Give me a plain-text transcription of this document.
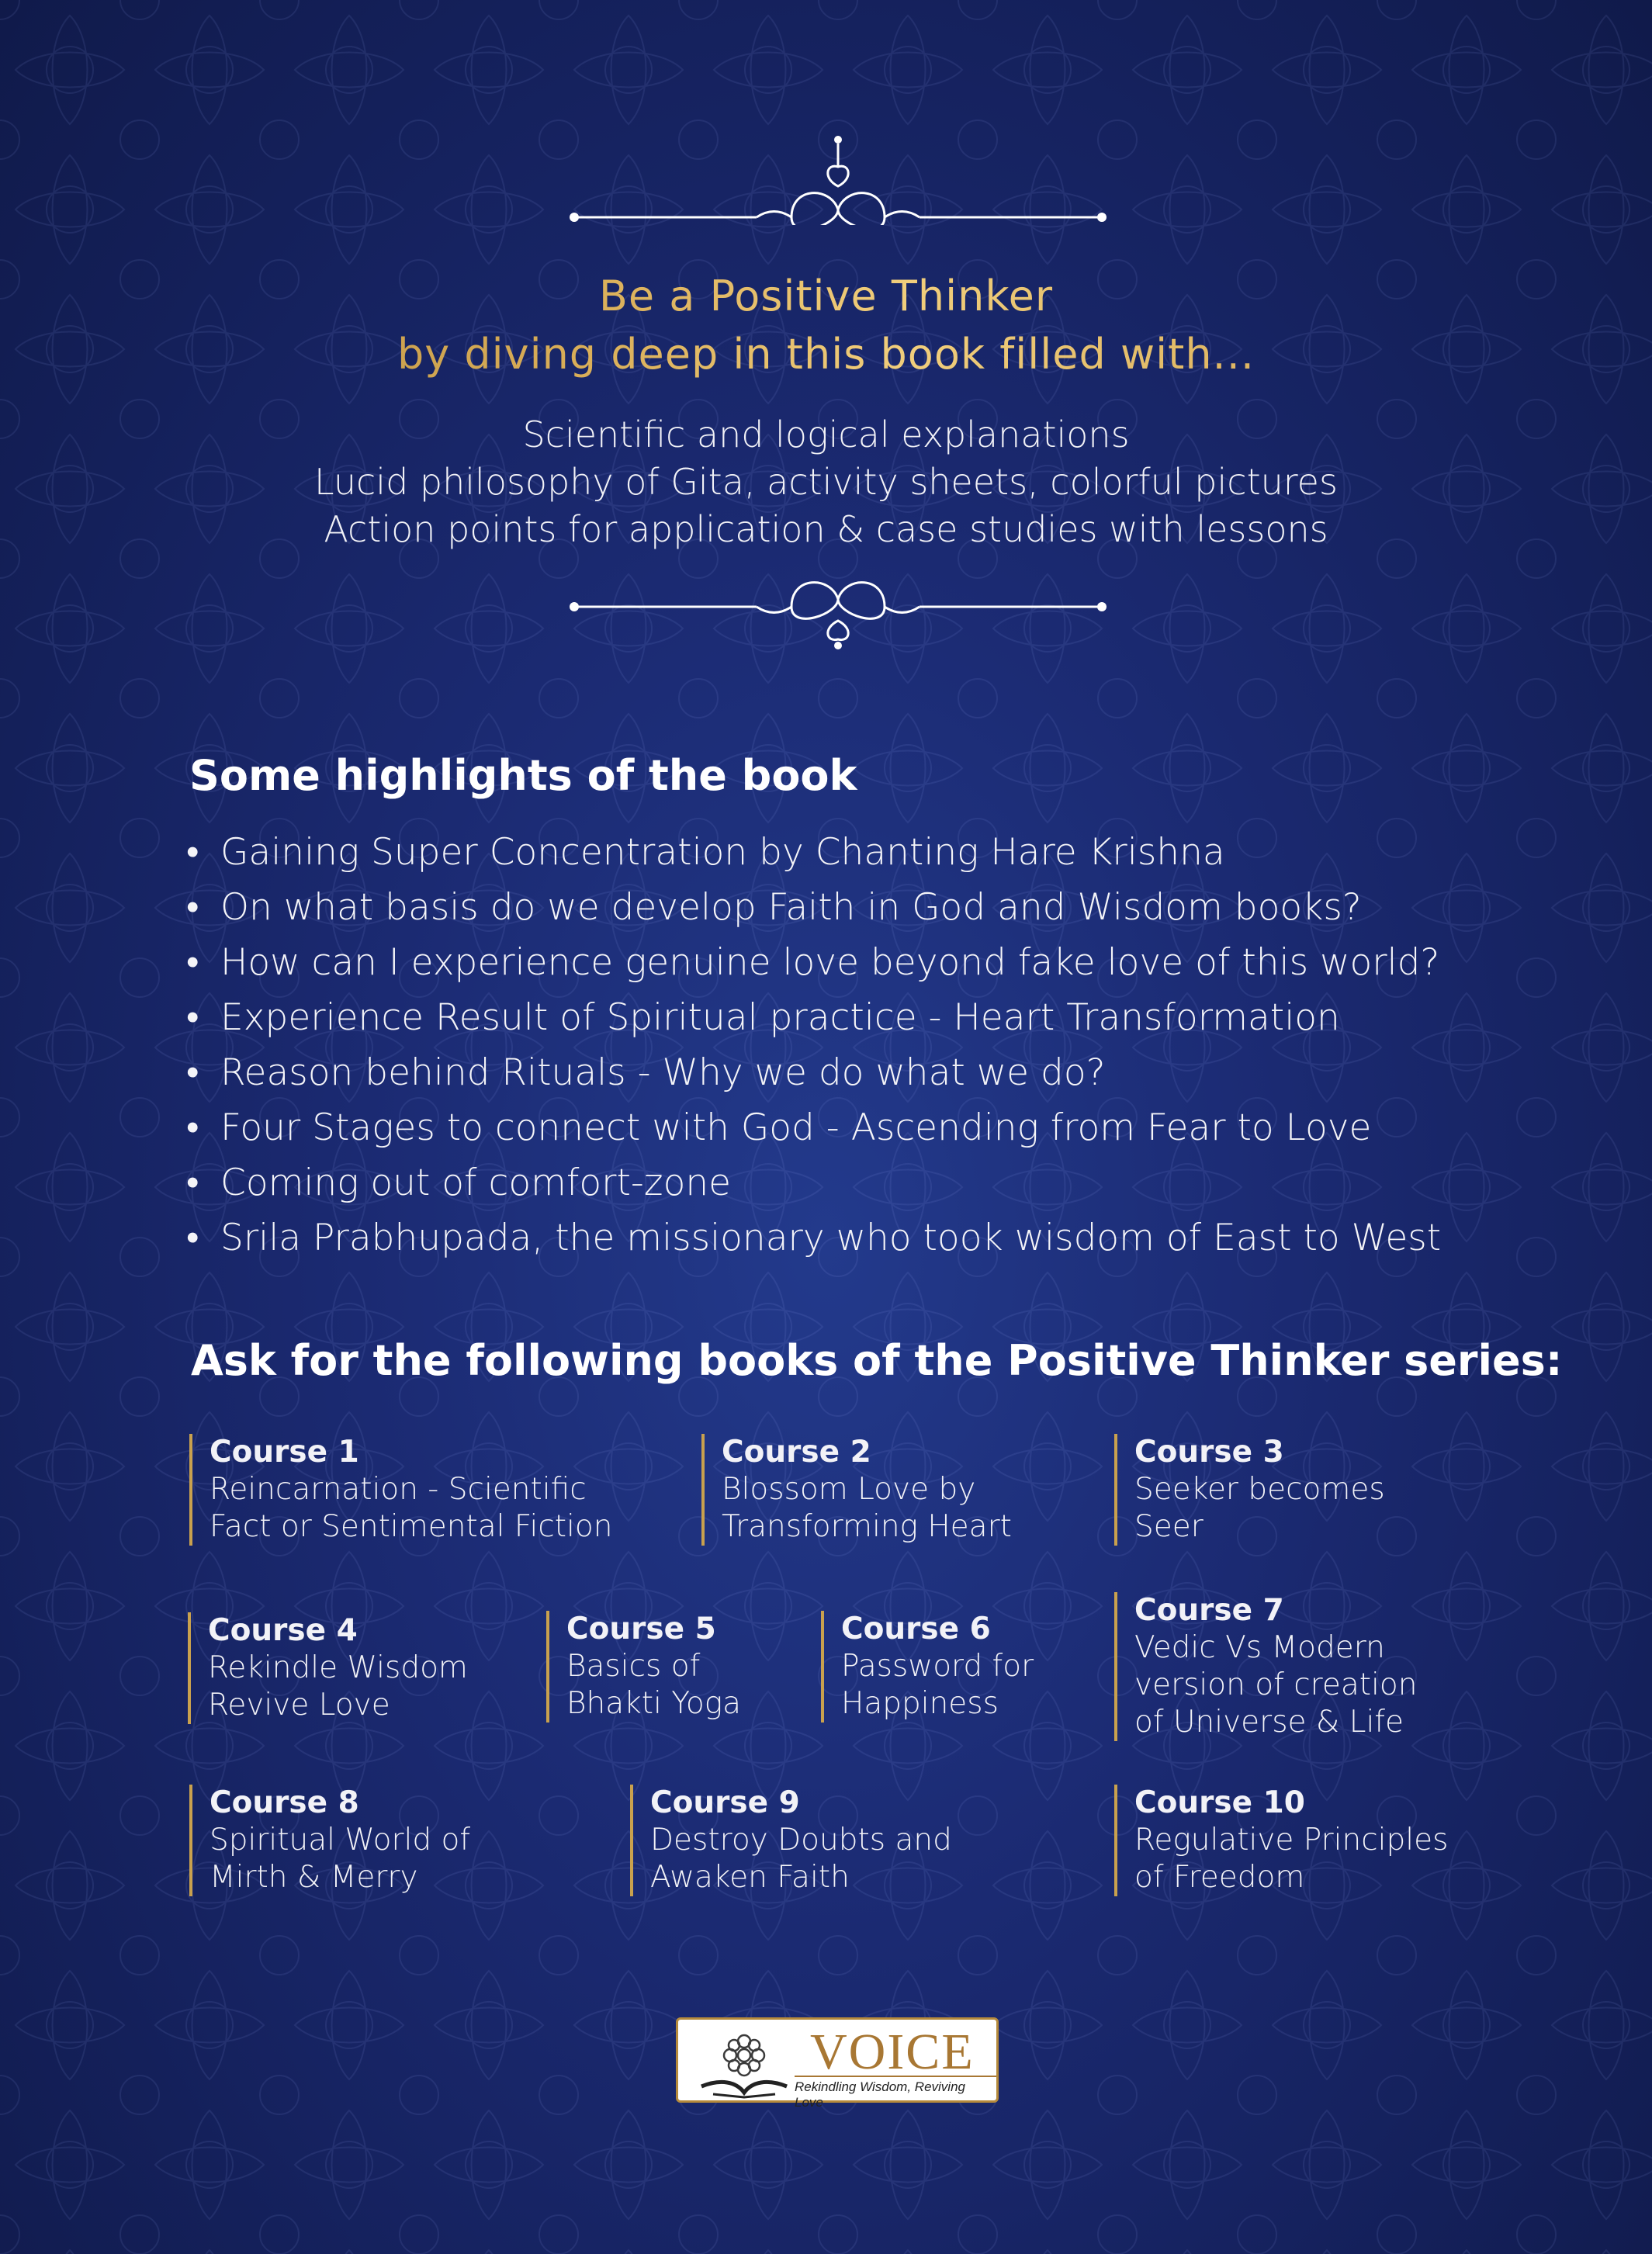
Be a Positive Thinker
by diving deep in this book filled with...
Scientific and logical explanations
Lucid philosophy of Gita, activity sheets, colorful pictures
Action points for application & case studies with lessons
Some highlights of the book
• Gaining Super Concentration by Chanting Hare Krishna
• On what basis do we develop Faith in God and Wisdom books?
• How can I experience genuine love beyond fake love of this world?
• Experience Result of Spiritual practice - Heart Transformation
• Reason behind Rituals - Why we do what we do?
• Four Stages to connect with God - Ascending from Fear to Love
• Coming out of comfort-zone
• Srila Prabhupada, the missionary who took wisdom of East to West
Ask for the following books of the Positive Thinker series:
Course 1
Reincarnation - Scientific
Fact or Sentimental Fiction
Course 2
Blossom Love by
Transforming Heart
Course 3
Seeker becomes
Seer
Course 4
Rekindle Wisdom
Revive Love
Course 5
Basics of
Bhakti Yoga
Course 6
Password for
Happiness
Course 7
Vedic Vs Modern
version of creation
of Universe & Life
Course 8
Spiritual World of
Mirth & Merry
Course 9
Destroy Doubts and
Awaken Faith
Course 10
Regulative Principles
of Freedom
VOICE
Rekindling Wisdom, Reviving Love
